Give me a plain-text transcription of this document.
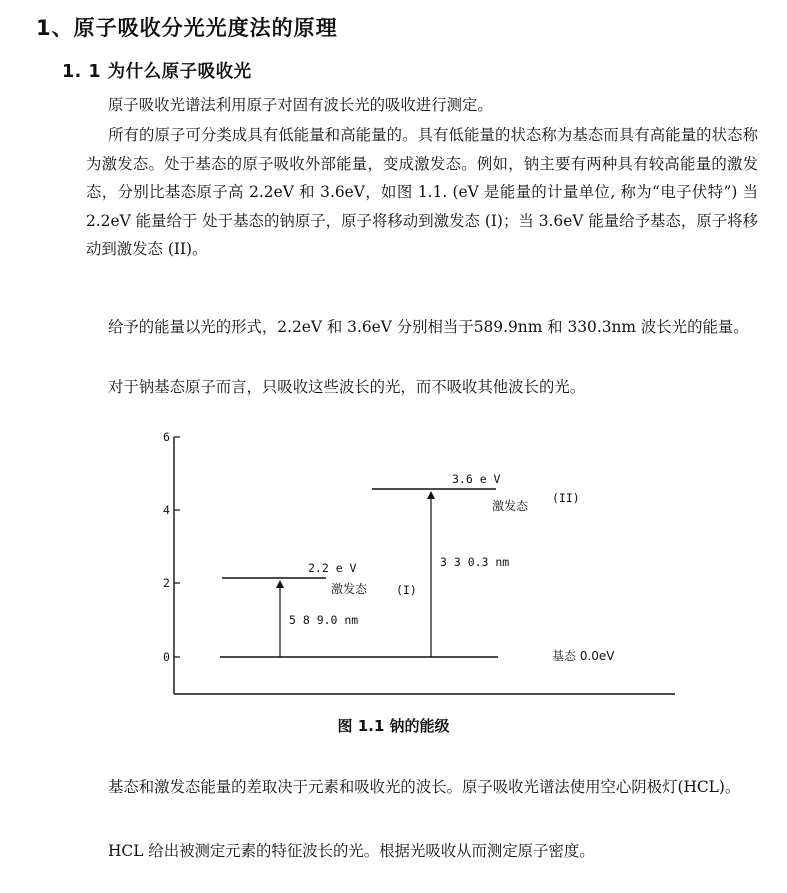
1、原子吸收分光光度法的原理
1. 1 为什么原子吸收光

原子吸收光谱法利用原子对固有波长光的吸收进行测定。

所有的原子可分类成具有低能量和高能量的。具有低能量的状态称为基态而具有高能量的状态称为激发态。处于基态的原子吸收外部能量，变成激发态。例如，钠主要有两种具有较高能量的激发态，分别比基态原子高 2.2eV 和 3.6eV，如图 1.1. (eV 是能量的计量单位, 称为“电子伏特”) 当 2.2eV 能量给于 处于基态的钠原子，原子将移动到激发态 (I)；当 3.6eV 能量给予基态，原子将移动到激发态 (II)。

给予的能量以光的形式，2.2eV 和 3.6eV 分别相当于589.9nm 和 330.3nm 波长光的能量。

对于钠基态原子而言，只吸收这些波长的光，而不吸收其他波长的光。

6
4
2
0	基态 0.0eV
2.2 e V
激发态	(I)
5 8 9.0 nm
3.6 e V
激发态
(II)
3 3 0.3 nm
图 1.1 钠的能级

基态和激发态能量的差取决于元素和吸收光的波长。原子吸收光谱法使用空心阴极灯(HCL)。

HCL 给出被测定元素的特征波长的光。根据光吸收从而测定原子密度。
